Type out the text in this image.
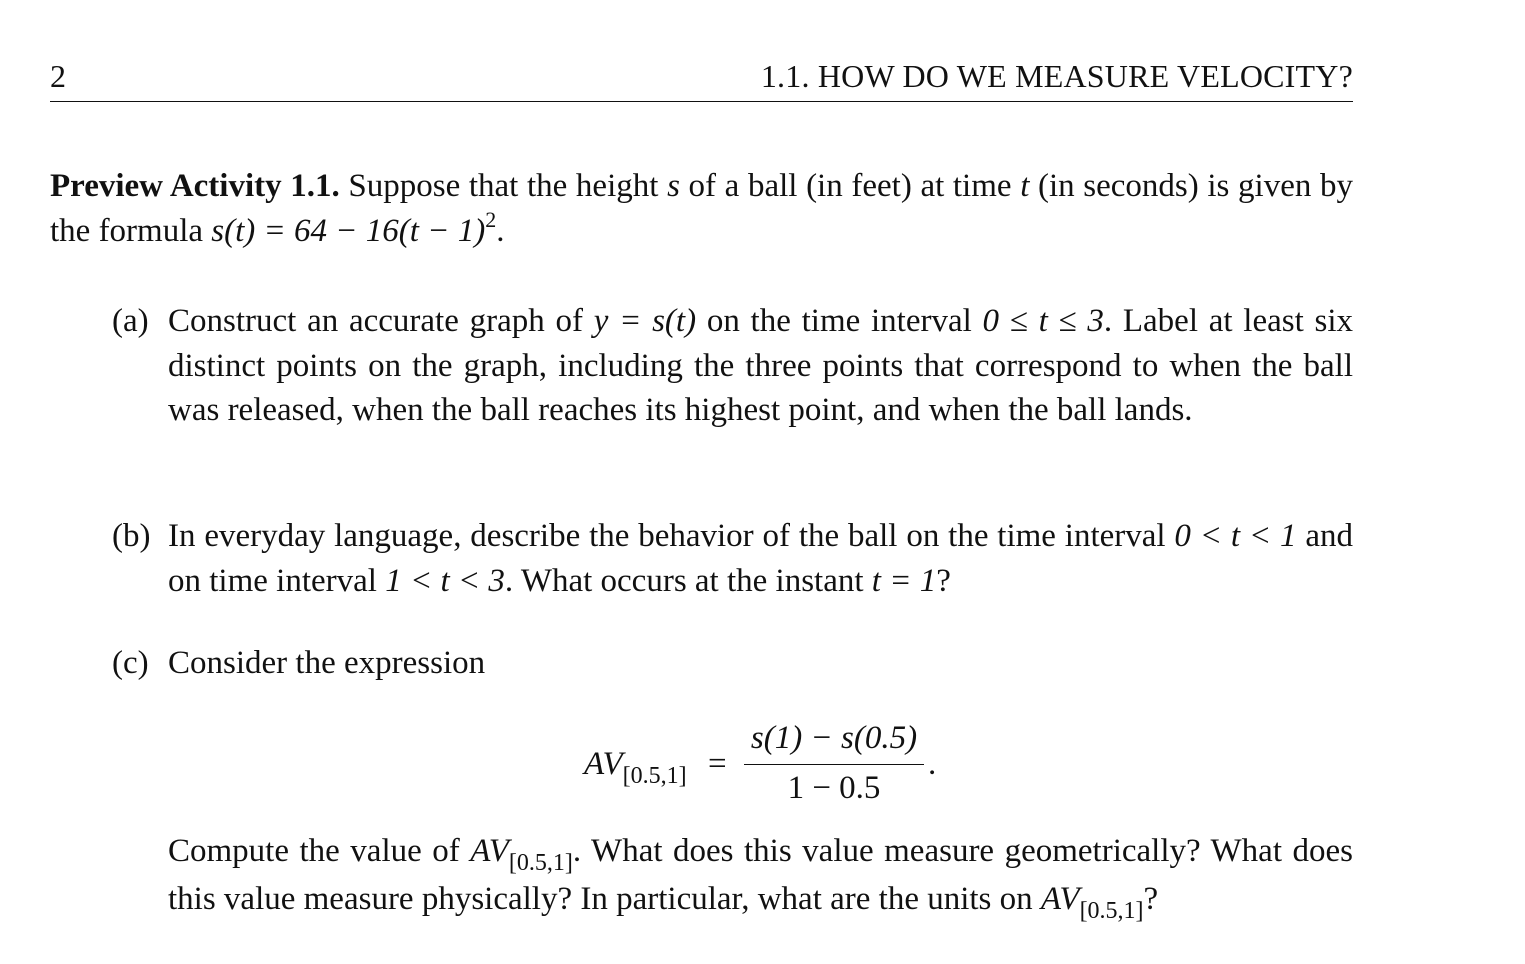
2	1.1. HOW DO WE MEASURE VELOCITY?
Preview Activity 1.1. Suppose that the height s of a ball (in feet) at time t (in seconds) is given by the formula $s(t) = 64 - 16(t - 1)^2$.
(a) Construct an accurate graph of y = s(t) on the time interval 0 ≤ t ≤ 3. Label at least six distinct points on the graph, including the three points that correspond to when the ball was released, when the ball reaches its highest point, and when the ball lands.
(b) In everyday language, describe the behavior of the ball on the time interval 0 < t < 1 and on time interval 1 < t < 3. What occurs at the instant t = 1?
(c) Consider the expression
$AV_{[0.5,1]}$ =
s(1) − s(0.5)
1 − 0.5
.
Compute the value of $AV_{[0.5,1]}$. What does this value measure geometrically? What does this value measure physically? In particular, what are the units on $AV_{[0.5,1]}$?
